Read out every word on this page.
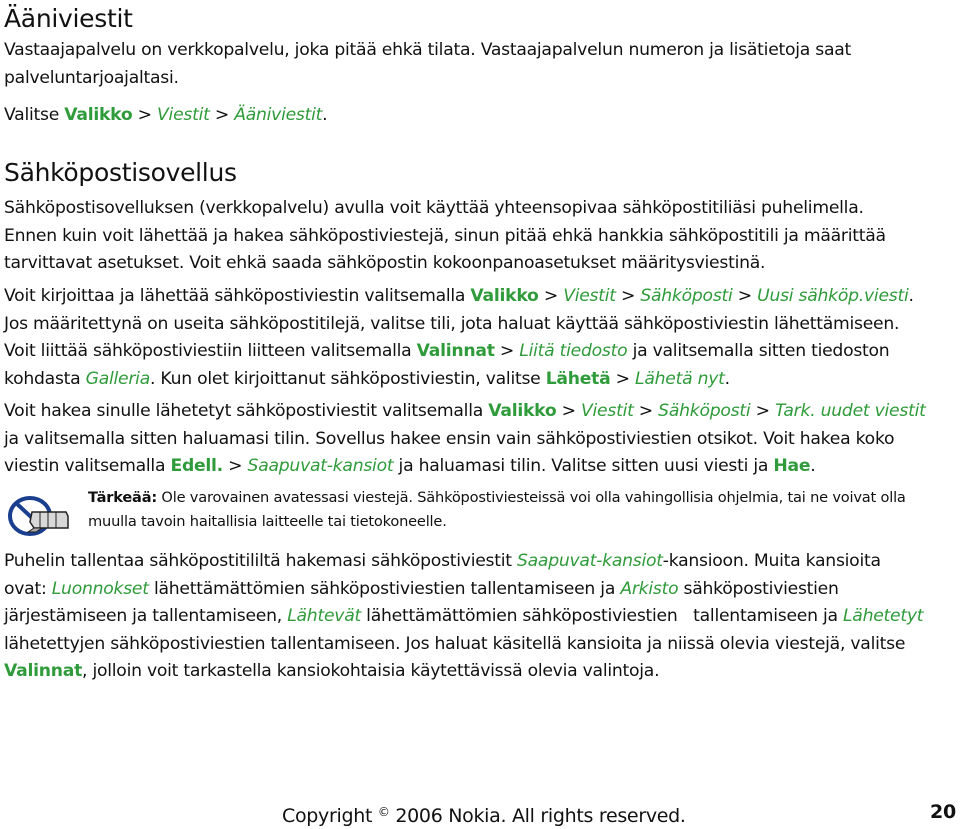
Ääniviestit
Vastaajapalvelu on verkkopalvelu, joka pitää ehkä tilata. Vastaajapalvelun numeron ja lisätietoja saat
palveluntarjoajaltasi.
Valitse Valikko > Viestit > Ääniviestit.
Sähköpostisovellus
Sähköpostisovelluksen (verkkopalvelu) avulla voit käyttää yhteensopivaa sähköpostitiliäsi puhelimella.
Ennen kuin voit lähettää ja hakea sähköpostiviestejä, sinun pitää ehkä hankkia sähköpostitili ja määrittää
tarvittavat asetukset. Voit ehkä saada sähköpostin kokoonpanoasetukset määritysviestinä.
Voit kirjoittaa ja lähettää sähköpostiviestin valitsemalla Valikko > Viestit > Sähköposti > Uusi sähköp.viesti.
Jos määritettynä on useita sähköpostitilejä, valitse tili, jota haluat käyttää sähköpostiviestin lähettämiseen.
Voit liittää sähköpostiviestiin liitteen valitsemalla Valinnat > Liitä tiedosto ja valitsemalla sitten tiedoston
kohdasta Galleria. Kun olet kirjoittanut sähköpostiviestin, valitse Lähetä > Lähetä nyt.
Voit hakea sinulle lähetetyt sähköpostiviestit valitsemalla Valikko > Viestit > Sähköposti > Tark. uudet viestit
ja valitsemalla sitten haluamasi tilin. Sovellus hakee ensin vain sähköpostiviestien otsikot. Voit hakea koko
viestin valitsemalla Edell. > Saapuvat-kansiot ja haluamasi tilin. Valitse sitten uusi viesti ja Hae.
Tärkeää: Ole varovainen avatessasi viestejä. Sähköpostiviesteissä voi olla vahingollisia ohjelmia, tai ne voivat olla
muulla tavoin haitallisia laitteelle tai tietokoneelle.
Puhelin tallentaa sähköpostitililtä hakemasi sähköpostiviestit Saapuvat-kansiot-kansioon. Muita kansioita
ovat: Luonnokset lähettämättömien sähköpostiviestien tallentamiseen ja Arkisto sähköpostiviestien
järjestämiseen ja tallentamiseen, Lähtevät lähettämättömien sähköpostiviestien   tallentamiseen ja Lähetetyt
lähetettyjen sähköpostiviestien tallentamiseen. Jos haluat käsitellä kansioita ja niissä olevia viestejä, valitse
Valinnat, jolloin voit tarkastella kansiokohtaisia käytettävissä olevia valintoja.
Copyright © 2006 Nokia. All rights reserved.	20
